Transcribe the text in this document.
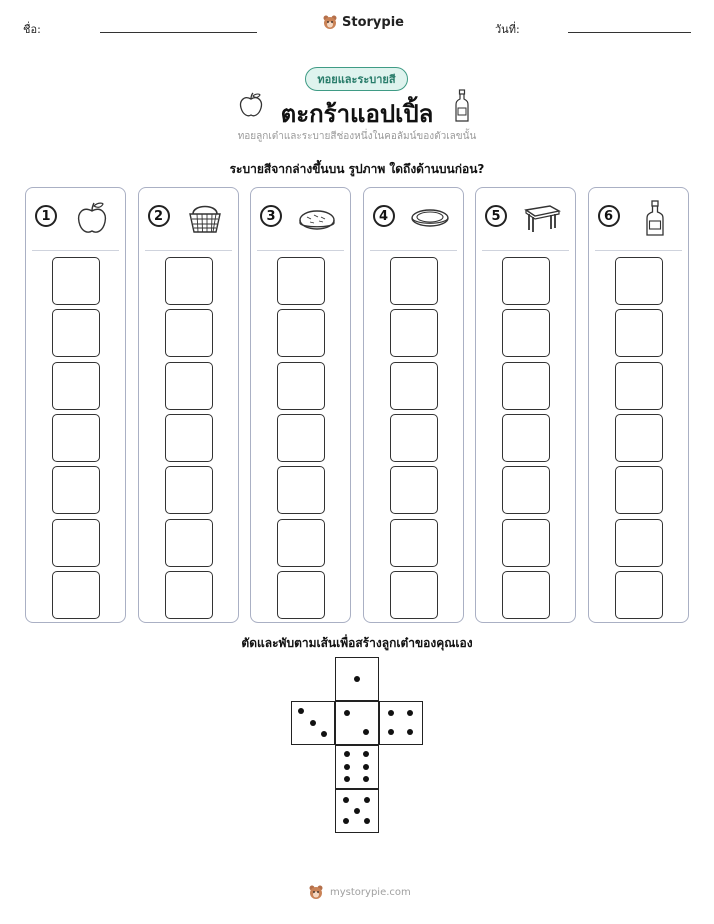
ชื่อ:	Storypie	วันที่:
ทอยและระบายสี
ตะกร้าแอปเปิ้ล
ทอยลูกเต๋าและระบายสีช่องหนึ่งในคอลัมน์ของตัวเลขนั้น
ระบายสีจากล่างขึ้นบน รูปภาพ ใดถึงด้านบนก่อน?
1	2	3	4	5	6
ตัดและพับตามเส้นเพื่อสร้างลูกเต๋าของคุณเอง
mystorypie.com
